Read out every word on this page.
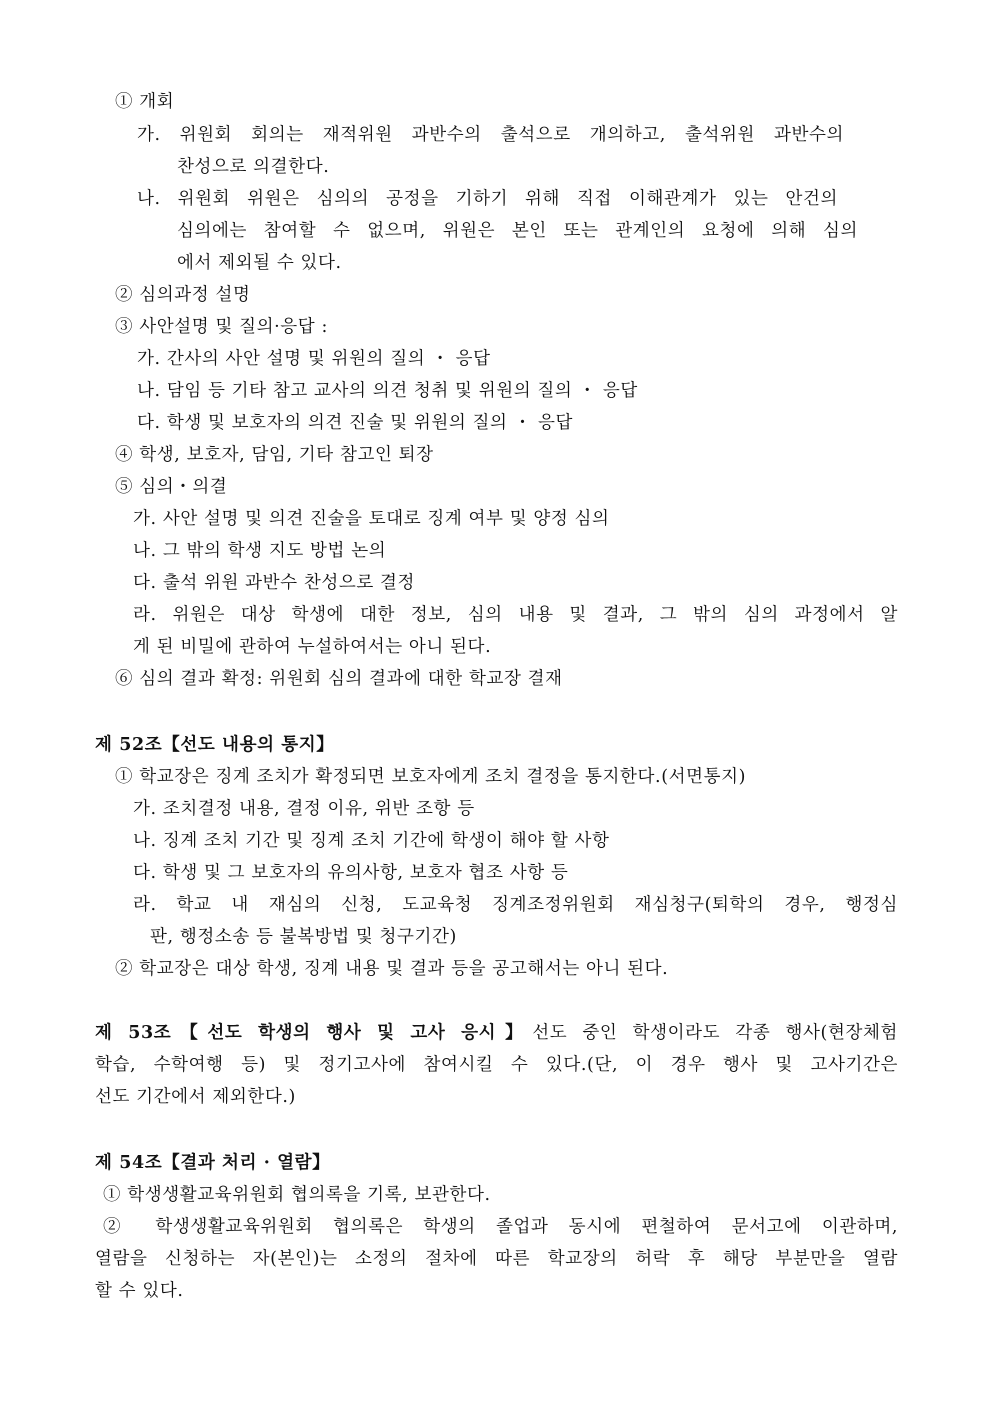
① 개회
가. 위원회 회의는 재적위원 과반수의 출석으로 개의하고, 출석위원 과반수의
찬성으로 의결한다.
나. 위원회 위원은 심의의 공정을 기하기 위해 직접 이해관계가 있는 안건의
심의에는 참여할 수 없으며, 위원은 본인 또는 관계인의 요청에 의해 심의
에서 제외될 수 있다.
② 심의과정 설명
③ 사안설명 및 질의·응답 :
가. 간사의 사안 설명 및 위원의 질의 ・ 응답
나. 담임 등 기타 참고 교사의 의견 청취 및 위원의 질의 ・ 응답
다. 학생 및 보호자의 의견 진술 및 위원의 질의 ・ 응답
④ 학생, 보호자, 담임, 기타 참고인 퇴장
⑤ 심의・의결
가. 사안 설명 및 의견 진술을 토대로 징계 여부 및 양정 심의
나. 그 밖의 학생 지도 방법 논의
다. 출석 위원 과반수 찬성으로 결정
라. 위원은 대상 학생에 대한 정보, 심의 내용 및 결과, 그 밖의 심의 과정에서 알
게 된 비밀에 관하여 누설하여서는 아니 된다.
⑥ 심의 결과 확정: 위원회 심의 결과에 대한 학교장 결재
제 52조【선도 내용의 통지】
① 학교장은 징계 조치가 확정되면 보호자에게 조치 결정을 통지한다.(서면통지)
가. 조치결정 내용, 결정 이유, 위반 조항 등
나. 징계 조치 기간 및 징계 조치 기간에 학생이 해야 할 사항
다. 학생 및 그 보호자의 유의사항, 보호자 협조 사항 등
라. 학교 내 재심의 신청, 도교육청 징계조정위원회 재심청구(퇴학의 경우, 행정심
판, 행정소송 등 불복방법 및 청구기간)
② 학교장은 대상 학생, 징계 내용 및 결과 등을 공고해서는 아니 된다.
제 53조【선도 학생의 행사 및 고사 응시】선도 중인 학생이라도 각종 행사(현장체험
학습, 수학여행 등) 및 정기고사에 참여시킬 수 있다.(단, 이 경우 행사 및 고사기간은
선도 기간에서 제외한다.)
제 54조【결과 처리 · 열람】
① 학생생활교육위원회 협의록을 기록, 보관한다.
② 학생생활교육위원회 협의록은 학생의 졸업과 동시에 편철하여 문서고에 이관하며,
열람을 신청하는 자(본인)는 소정의 절차에 따른 학교장의 허락 후 해당 부분만을 열람
할 수 있다.
